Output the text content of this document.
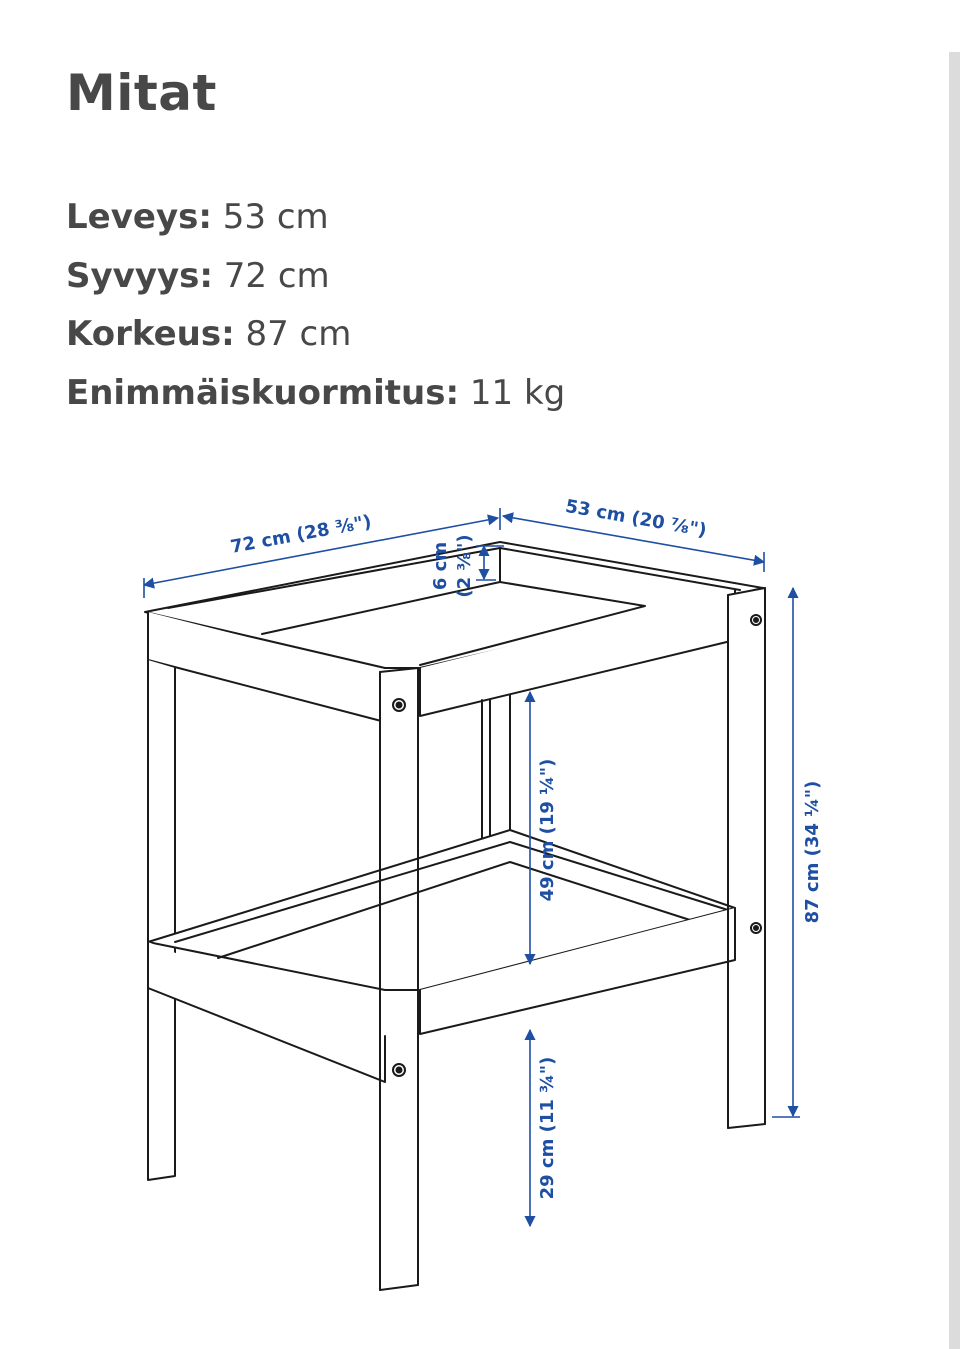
Mitat
Leveys: 53 cm
Syvyys: 72 cm
Korkeus: 87 cm
Enimmäiskuormitus: 11 kg
72 cm (28 ⅜")	53 cm (20 ⅞")
6 cm (2 ⅜")
49 cm (19 ¼")	87 cm (34 ¼")
29 cm (11 ¾")
